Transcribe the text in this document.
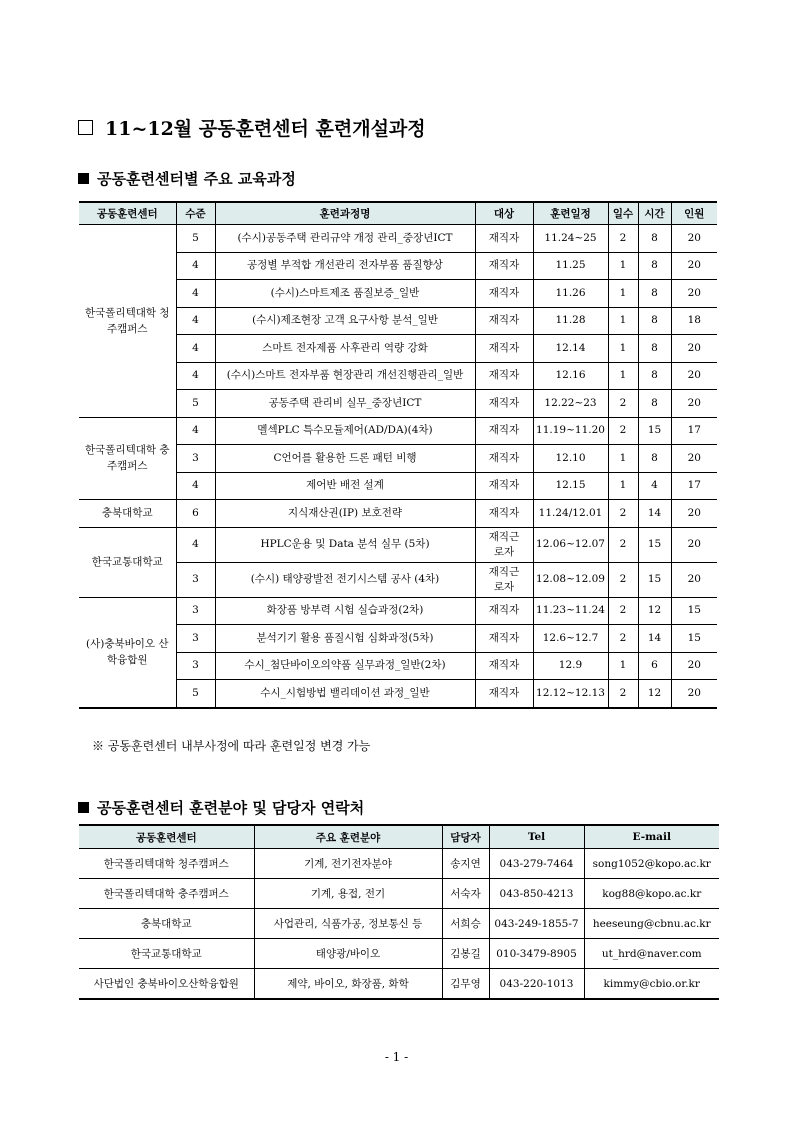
11~12월 공동훈련센터 훈련개설과정
공동훈련센터별 주요 교육과정
공동훈련센터	수준	훈련과정명	대상	훈련일정	일수	시간	인원
한국폴리텍대학 청주캠퍼스	5	(수시)공동주택 관리규약 개정 관리_중장년ICT	재직자	11.24~25	2	8	20
	4	공정별 부적합 개선관리 전자부품 품질향상	재직자	11.25	1	8	20
	4	(수시)스마트제조 품질보증_일반	재직자	11.26	1	8	20
	4	(수시)제조현장 고객 요구사항 분석_일반	재직자	11.28	1	8	18
	4	스마트 전자제품 사후관리 역량 강화	재직자	12.14	1	8	20
	4	(수시)스마트 전자부품 현장관리 개선진행관리_일반	재직자	12.16	1	8	20
	5	공동주택 관리비 실무_중장년ICT	재직자	12.22~23	2	8	20
한국폴리텍대학 충주캠퍼스	4	멜섹PLC 특수모듈제어(AD/DA)(4차)	재직자	11.19~11.20	2	15	17
	3	C언어를 활용한 드론 패턴 비행	재직자	12.10	1	8	20
	4	제어반 배전 설계	재직자	12.15	1	4	17
충북대학교	6	지식재산권(IP) 보호전략	재직자	11.24/12.01	2	14	20
한국교통대학교	4	HPLC운용 및 Data 분석 실무 (5차)	재직근로자	12.06~12.07	2	15	20
	3	(수시) 태양광발전 전기시스템 공사 (4차)	재직근로자	12.08~12.09	2	15	20
(사)충북바이오 산학융합원	3	화장품 방부력 시험 실습과정(2차)	재직자	11.23~11.24	2	12	15
	3	분석기기 활용 품질시험 심화과정(5차)	재직자	12.6~12.7	2	14	15
	3	수시_첨단바이오의약품 실무과정_일반(2차)	재직자	12.9	1	6	20
	5	수시_시험방법 밸리데이션 과정_일반	재직자	12.12~12.13	2	12	20
※ 공동훈련센터 내부사정에 따라 훈련일정 변경 가능
공동훈련센터 훈련분야 및 담당자 연락처
공동훈련센터	주요 훈련분야	담당자	Tel	E-mail
한국폴리텍대학 청주캠퍼스	기계, 전기전자분야	송지연	043-279-7464	song1052@kopo.ac.kr
한국폴리텍대학 충주캠퍼스	기계, 용접, 전기	서숙자	043-850-4213	kog88@kopo.ac.kr
충북대학교	사업관리, 식품가공, 정보통신 등	서희승	043-249-1855-7	heeseung@cbnu.ac.kr
한국교통대학교	태양광/바이오	김봉길	010-3479-8905	ut_hrd@naver.com
사단법인 충북바이오산학융합원	제약, 바이오, 화장품, 화학	김무영	043-220-1013	kimmy@cbio.or.kr
- 1 -
